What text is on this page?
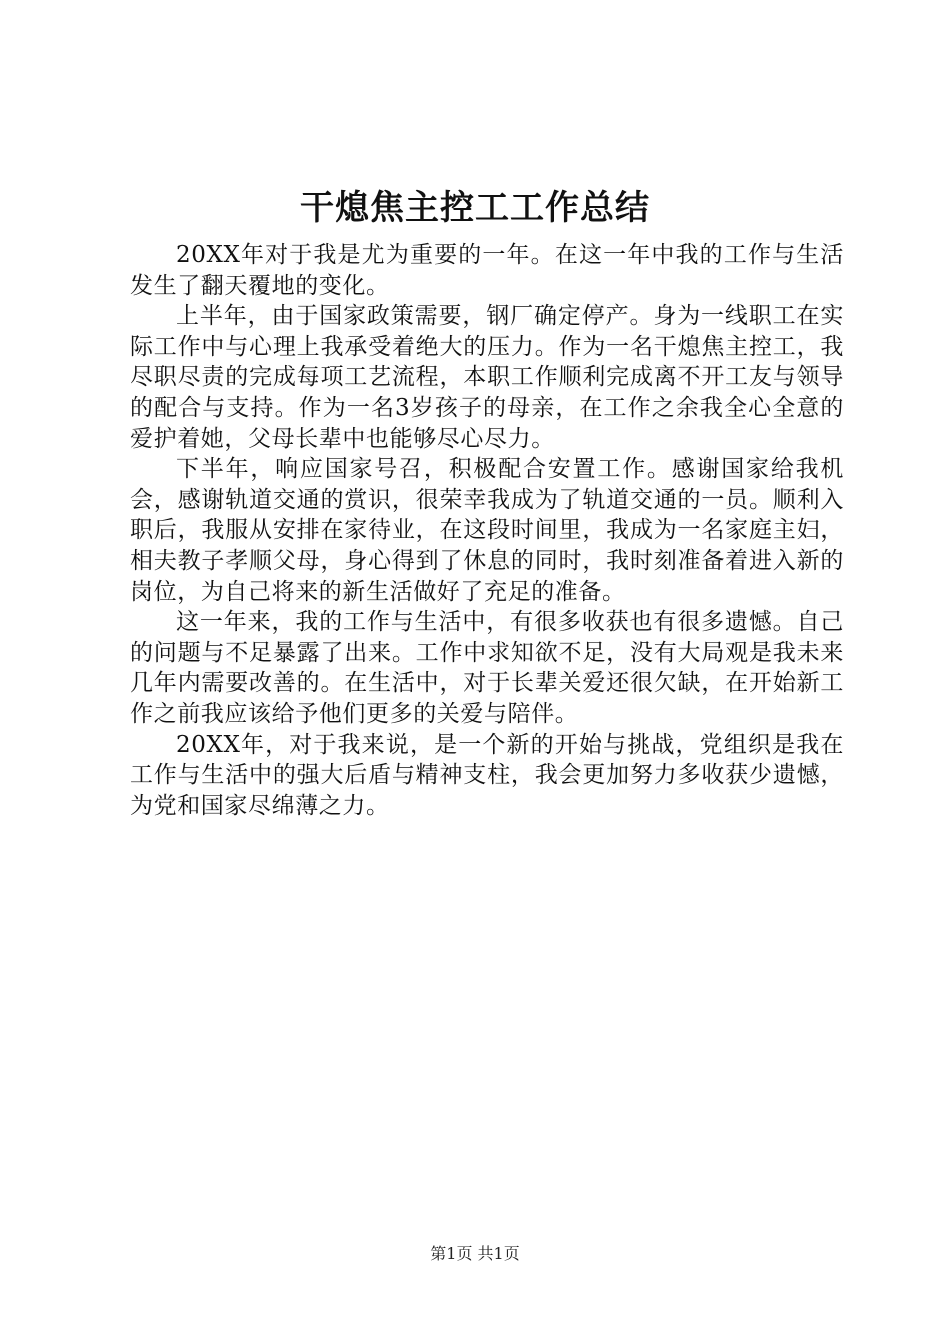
干熄焦主控工工作总结

20XX年对于我是尤为重要的一年。在这一年中我的工作与生活发生了翻天覆地的变化。

上半年，由于国家政策需要，钢厂确定停产。身为一线职工在实际工作中与心理上我承受着绝大的压力。作为一名干熄焦主控工，我尽职尽责的完成每项工艺流程，本职工作顺利完成离不开工友与领导的配合与支持。作为一名3岁孩子的母亲，在工作之余我全心全意的爱护着她，父母长辈中也能够尽心尽力。

下半年，响应国家号召，积极配合安置工作。感谢国家给我机会，感谢轨道交通的赏识，很荣幸我成为了轨道交通的一员。顺利入职后，我服从安排在家待业，在这段时间里，我成为一名家庭主妇，相夫教子孝顺父母，身心得到了休息的同时，我时刻准备着进入新的岗位，为自己将来的新生活做好了充足的准备。

这一年来，我的工作与生活中，有很多收获也有很多遗憾。自己的问题与不足暴露了出来。工作中求知欲不足，没有大局观是我未来几年内需要改善的。在生活中，对于长辈关爱还很欠缺，在开始新工作之前我应该给予他们更多的关爱与陪伴。

20XX年，对于我来说，是一个新的开始与挑战，党组织是我在工作与生活中的强大后盾与精神支柱，我会更加努力多收获少遗憾，为党和国家尽绵薄之力。

第1页 共1页
